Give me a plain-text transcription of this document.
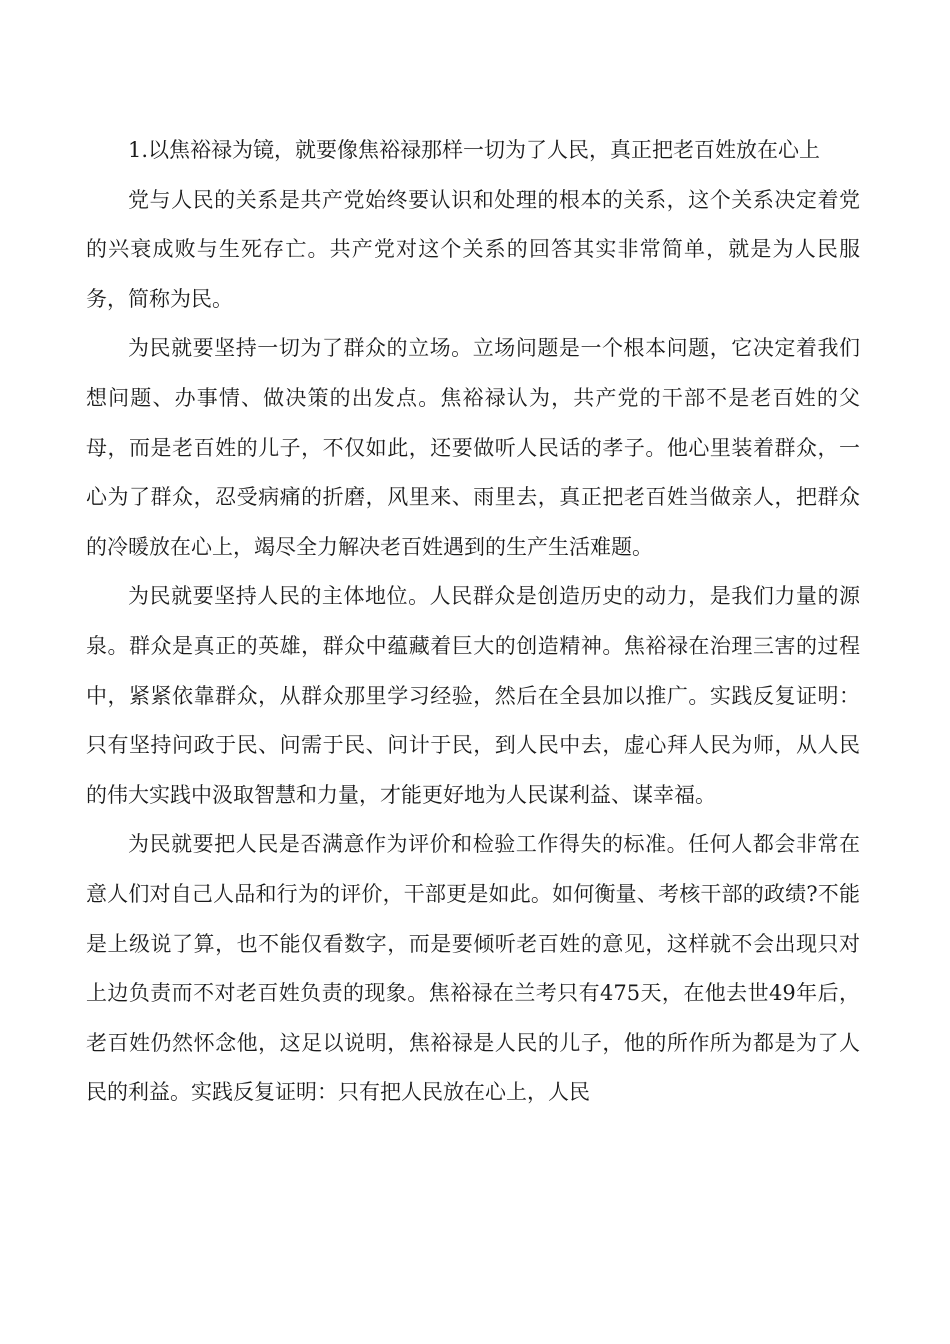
1.以焦裕禄为镜，就要像焦裕禄那样一切为了人民，真正把老百姓放在心上

党与人民的关系是共产党始终要认识和处理的根本的关系，这个关系决定着党的兴衰成败与生死存亡。共产党对这个关系的回答其实非常简单，就是为人民服务，简称为民。

为民就要坚持一切为了群众的立场。立场问题是一个根本问题，它决定着我们想问题、办事情、做决策的出发点。焦裕禄认为，共产党的干部不是老百姓的父母，而是老百姓的儿子，不仅如此，还要做听人民话的孝子。他心里装着群众，一心为了群众，忍受病痛的折磨，风里来、雨里去，真正把老百姓当做亲人，把群众的冷暖放在心上，竭尽全力解决老百姓遇到的生产生活难题。

为民就要坚持人民的主体地位。人民群众是创造历史的动力，是我们力量的源泉。群众是真正的英雄，群众中蕴藏着巨大的创造精神。焦裕禄在治理三害的过程中，紧紧依靠群众，从群众那里学习经验，然后在全县加以推广。实践反复证明：只有坚持问政于民、问需于民、问计于民，到人民中去，虚心拜人民为师，从人民的伟大实践中汲取智慧和力量，才能更好地为人民谋利益、谋幸福。

为民就要把人民是否满意作为评价和检验工作得失的标准。任何人都会非常在意人们对自己人品和行为的评价，干部更是如此。如何衡量、考核干部的政绩?不能是上级说了算，也不能仅看数字，而是要倾听老百姓的意见，这样就不会出现只对上边负责而不对老百姓负责的现象。焦裕禄在兰考只有475天，在他去世49年后，老百姓仍然怀念他，这足以说明，焦裕禄是人民的儿子，他的所作所为都是为了人民的利益。实践反复证明：只有把人民放在心上，人民
